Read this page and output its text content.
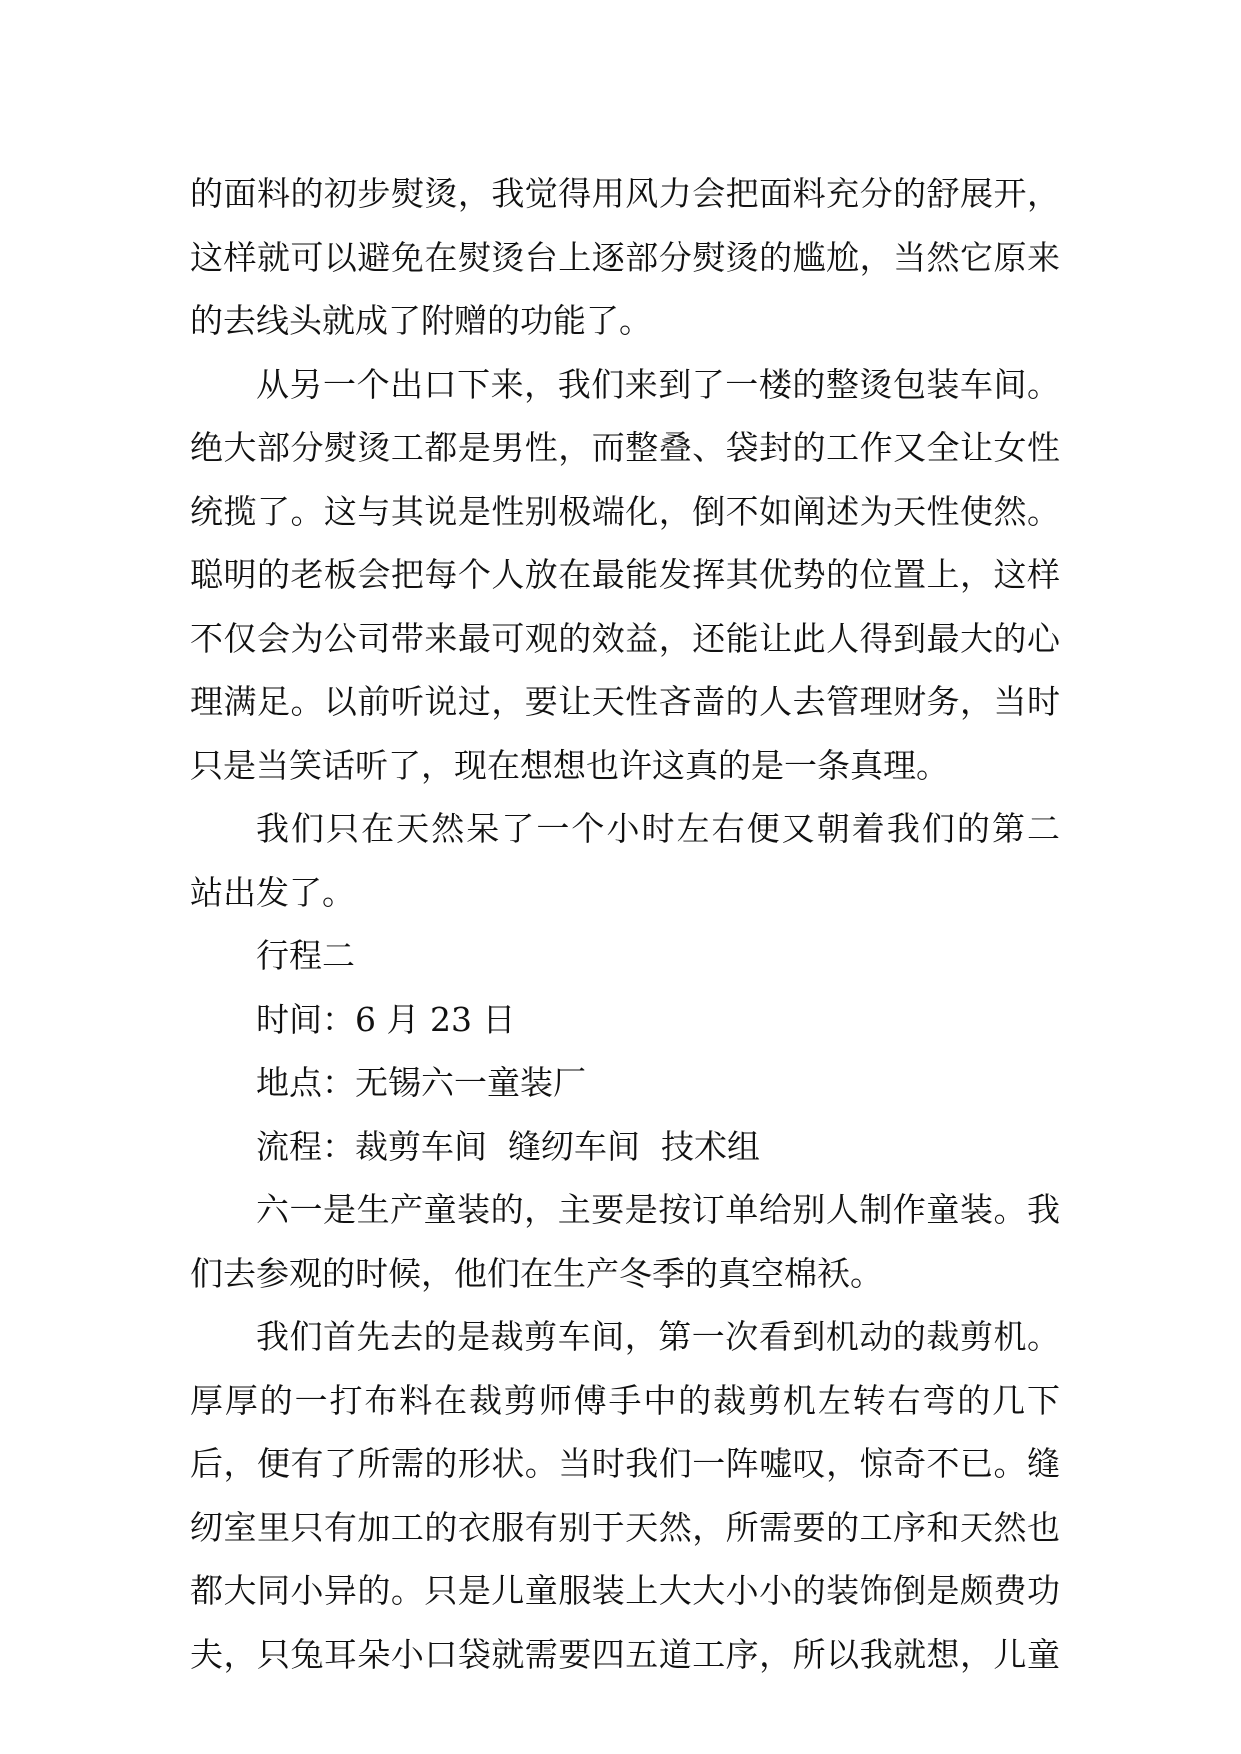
的面料的初步熨烫，我觉得用风力会把面料充分的舒展开，
这样就可以避免在熨烫台上逐部分熨烫的尴尬，当然它原来
的去线头就成了附赠的功能了。
从另一个出口下来，我们来到了一楼的整烫包装车间。
绝大部分熨烫工都是男性，而整叠、袋封的工作又全让女性
统揽了。这与其说是性别极端化，倒不如阐述为天性使然。
聪明的老板会把每个人放在最能发挥其优势的位置上，这样
不仅会为公司带来最可观的效益，还能让此人得到最大的心
理满足。以前听说过，要让天性吝啬的人去管理财务，当时
只是当笑话听了，现在想想也许这真的是一条真理。
我们只在天然呆了一个小时左右便又朝着我们的第二
站出发了。
行程二
时间：6 月 23 日
地点：无锡六一童装厂
流程：裁剪车间  缝纫车间  技术组
六一是生产童装的，主要是按订单给别人制作童装。我
们去参观的时候，他们在生产冬季的真空棉袄。
我们首先去的是裁剪车间，第一次看到机动的裁剪机。
厚厚的一打布料在裁剪师傅手中的裁剪机左转右弯的几下
后，便有了所需的形状。当时我们一阵嘘叹，惊奇不已。缝
纫室里只有加工的衣服有别于天然，所需要的工序和天然也
都大同小异的。只是儿童服装上大大小小的装饰倒是颇费功
夫，只兔耳朵小口袋就需要四五道工序，所以我就想，儿童
